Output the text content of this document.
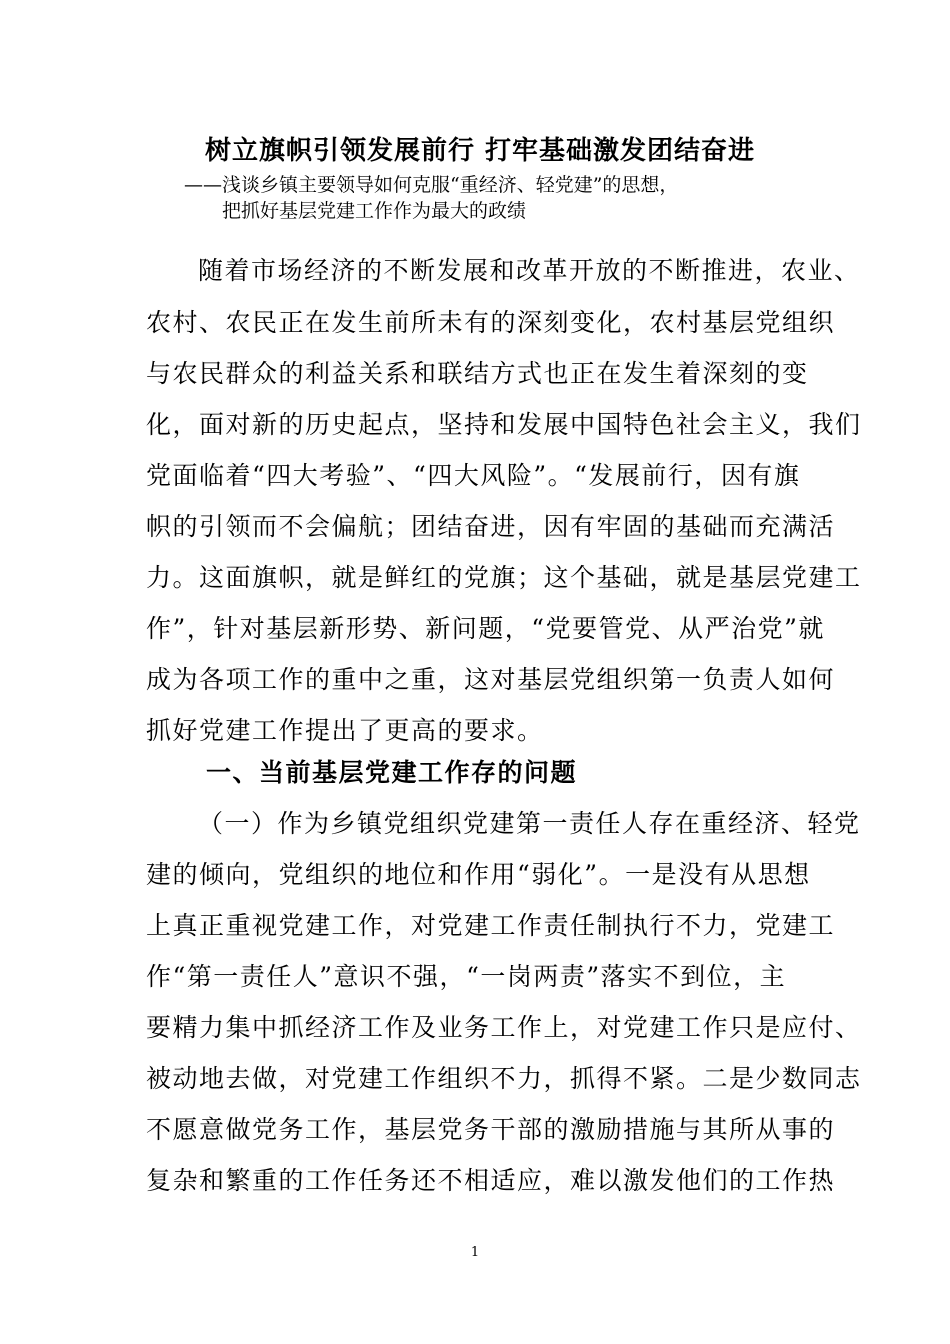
树立旗帜引领发展前行 打牢基础激发团结奋进
——浅谈乡镇主要领导如何克服“重经济、轻党建”的思想，
把抓好基层党建工作作为最大的政绩
随着市场经济的不断发展和改革开放的不断推进，农业、
农村、农民正在发生前所未有的深刻变化，农村基层党组织
与农民群众的利益关系和联结方式也正在发生着深刻的变
化，面对新的历史起点，坚持和发展中国特色社会主义，我们
党面临着“四大考验”、“四大风险”。“发展前行，因有旗
帜的引领而不会偏航；团结奋进，因有牢固的基础而充满活
力。这面旗帜，就是鲜红的党旗；这个基础，就是基层党建工
作”，针对基层新形势、新问题，“党要管党、从严治党”就
成为各项工作的重中之重，这对基层党组织第一负责人如何
抓好党建工作提出了更高的要求。
一、当前基层党建工作存的问题
（一）作为乡镇党组织党建第一责任人存在重经济、轻党
建的倾向，党组织的地位和作用“弱化”。一是没有从思想
上真正重视党建工作，对党建工作责任制执行不力，党建工
作“第一责任人”意识不强，“一岗两责”落实不到位，主
要精力集中抓经济工作及业务工作上，对党建工作只是应付、
被动地去做，对党建工作组织不力，抓得不紧。二是少数同志
不愿意做党务工作，基层党务干部的激励措施与其所从事的
复杂和繁重的工作任务还不相适应，难以激发他们的工作热
1
